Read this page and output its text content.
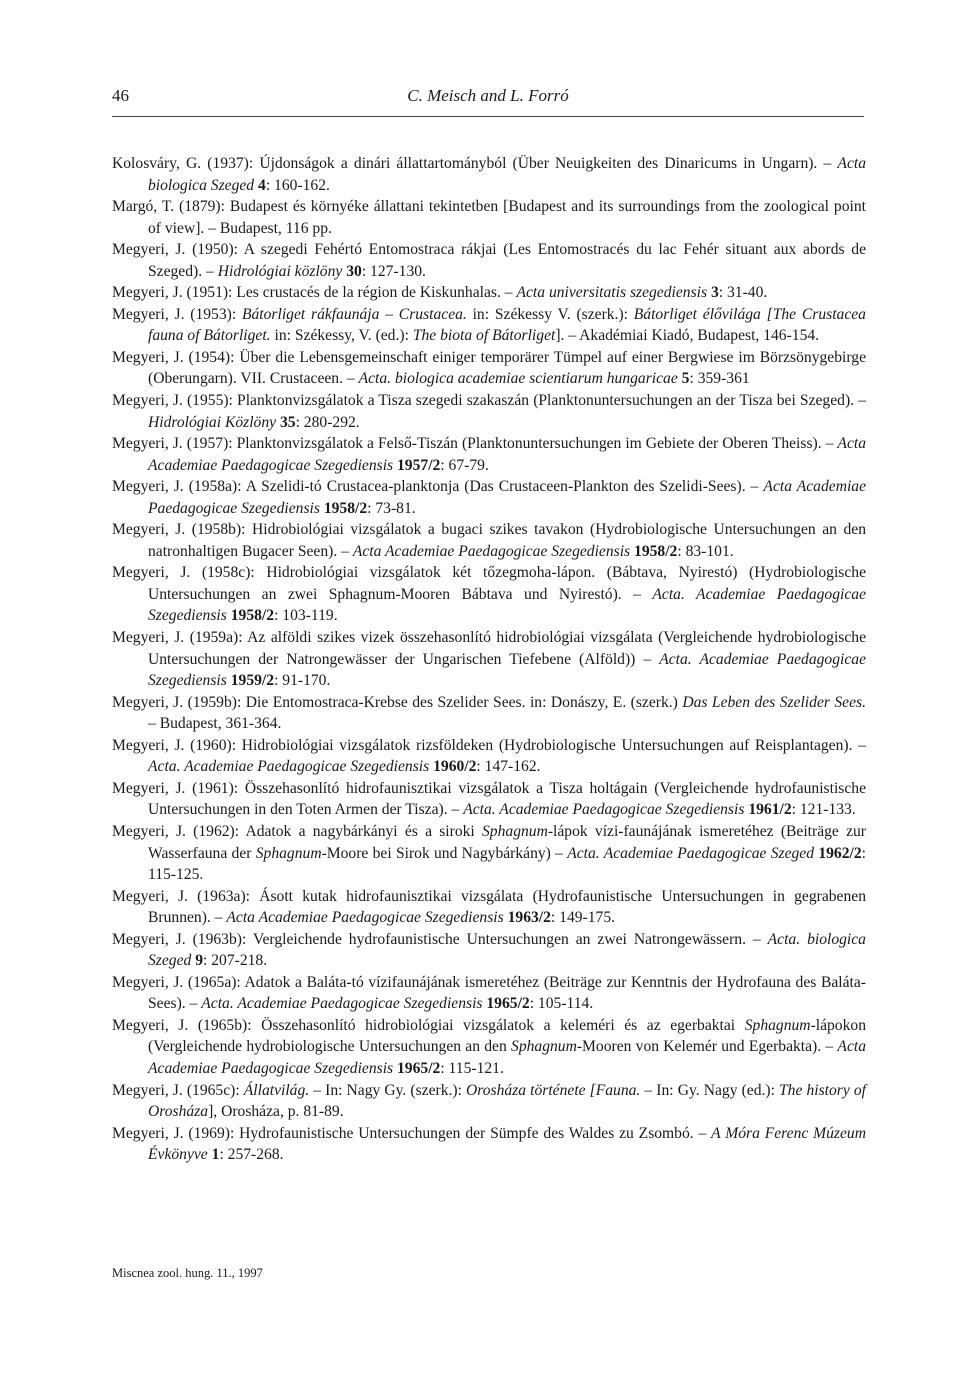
46	C. Meisch and L. Forró
Kolosváry, G. (1937): Újdonságok a dinári állattartományból (Über Neuigkeiten des Dinaricums in Ungarn). – Acta biologica Szeged 4: 160-162.
Margó, T. (1879): Budapest és környéke állattani tekintetben [Budapest and its surroundings from the zoological point of view]. – Budapest, 116 pp.
Megyeri, J. (1950): A szegedi Fehértó Entomostraca rákjai (Les Entomostracés du lac Fehér situant aux abords de Szeged). – Hidrológiai közlöny 30: 127-130.
Megyeri, J. (1951): Les crustacés de la région de Kiskunhalas. – Acta universitatis szegediensis 3: 31-40.
Megyeri, J. (1953): Bátorliget rákfaunája – Crustacea. in: Székessy V. (szerk.): Bátorliget élővilága [The Crustacea fauna of Bátorliget. in: Székessy, V. (ed.): The biota of Bátorliget]. – Akadémiai Kiadó, Budapest, 146-154.
Megyeri, J. (1954): Über die Lebensgemeinschaft einiger temporärer Tümpel auf einer Bergwiese im Börzsönygebirge (Oberungarn). VII. Crustaceen. – Acta. biologica academiae scientiarum hungaricae 5: 359-361
Megyeri, J. (1955): Planktonvizsgálatok a Tisza szegedi szakaszán (Planktonuntersuchungen an der Tisza bei Szeged). – Hidrológiai Közlöny 35: 280-292.
Megyeri, J. (1957): Planktonvizsgálatok a Felső-Tiszán (Planktonuntersuchungen im Gebiete der Oberen Theiss). – Acta Academiae Paedagogicae Szegediensis 1957/2: 67-79.
Megyeri, J. (1958a): A Szelidi-tó Crustacea-planktonja (Das Crustaceen-Plankton des Szelidi-Sees). – Acta Academiae Paedagogicae Szegediensis 1958/2: 73-81.
Megyeri, J. (1958b): Hidrobiológiai vizsgálatok a bugaci szikes tavakon (Hydrobiologische Untersuchungen an den natronhaltigen Bugacer Seen). – Acta Academiae Paedagogicae Szegediensis 1958/2: 83-101.
Megyeri, J. (1958c): Hidrobiológiai vizsgálatok két tőzegmoha-lápon. (Bábtava, Nyirestó) (Hydrobiologische Untersuchungen an zwei Sphagnum-Mooren Bábtava und Nyirestó). – Acta. Academiae Paedagogicae Szegediensis 1958/2: 103-119.
Megyeri, J. (1959a): Az alföldi szikes vizek összehasonlító hidrobiológiai vizsgálata (Vergleichende hydrobiologische Untersuchungen der Natrongewässer der Ungarischen Tiefebene (Alföld)) – Acta. Academiae Paedagogicae Szegediensis 1959/2: 91-170.
Megyeri, J. (1959b): Die Entomostraca-Krebse des Szelider Sees. in: Donászy, E. (szerk.) Das Leben des Szelider Sees. – Budapest, 361-364.
Megyeri, J. (1960): Hidrobiológiai vizsgálatok rizsföldeken (Hydrobiologische Untersuchungen auf Reisplantagen). – Acta. Academiae Paedagogicae Szegediensis 1960/2: 147-162.
Megyeri, J. (1961): Összehasonlító hidrofaunisztikai vizsgálatok a Tisza holtágain (Vergleichende hydrofaunistische Untersuchungen in den Toten Armen der Tisza). – Acta. Academiae Paedagogicae Szegediensis 1961/2: 121-133.
Megyeri, J. (1962): Adatok a nagybárkányi és a siroki Sphagnum-lápok vízi-faunájának ismeretéhez (Beiträge zur Wasserfauna der Sphagnum-Moore bei Sirok und Nagybárkány) – Acta. Academiae Paedagogicae Szeged 1962/2: 115-125.
Megyeri, J. (1963a): Ásott kutak hidrofaunisztikai vizsgálata (Hydrofaunistische Untersuchungen in gegrabenen Brunnen). – Acta Academiae Paedagogicae Szegediensis 1963/2: 149-175.
Megyeri, J. (1963b): Vergleichende hydrofaunistische Untersuchungen an zwei Natrongewässern. – Acta. biologica Szeged 9: 207-218.
Megyeri, J. (1965a): Adatok a Baláta-tó vízifaunájának ismeretéhez (Beiträge zur Kenntnis der Hydrofauna des Baláta-Sees). – Acta. Academiae Paedagogicae Szegediensis 1965/2: 105-114.
Megyeri, J. (1965b): Összehasonlító hidrobiológiai vizsgálatok a keleméri és az egerbaktai Sphagnum-lápokon (Vergleichende hydrobiologische Untersuchungen an den Sphagnum-Mooren von Kelemér und Egerbakta). – Acta Academiae Paedagogicae Szegediensis 1965/2: 115-121.
Megyeri, J. (1965c): Állatvilág. – In: Nagy Gy. (szerk.): Orosháza története [Fauna. – In: Gy. Nagy (ed.): The history of Orosháza], Orosháza, p. 81-89.
Megyeri, J. (1969): Hydrofaunistische Untersuchungen der Sümpfe des Waldes zu Zsombó. – A Móra Ferenc Múzeum Évkönyve 1: 257-268.
Miscnea zool. hung. 11., 1997
